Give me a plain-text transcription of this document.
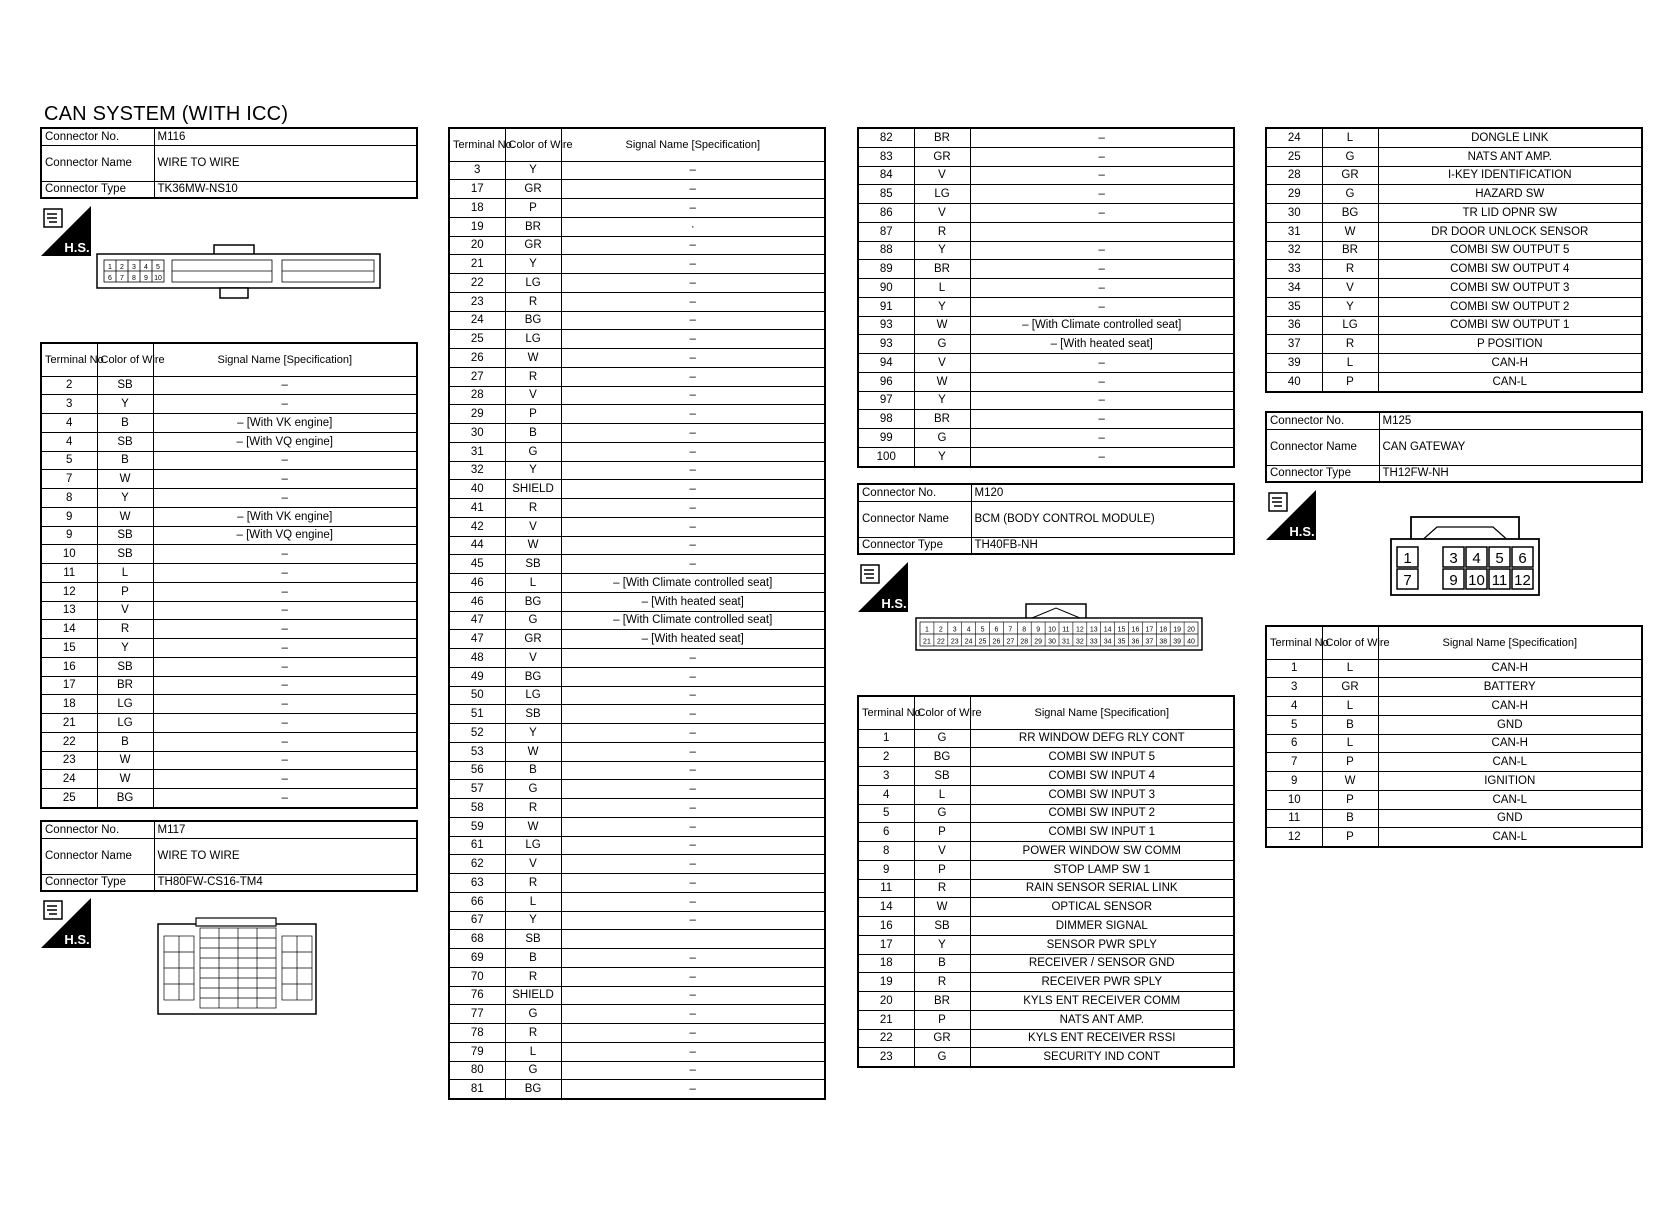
CAN SYSTEM (WITH ICC)
Connector No.	M116
Connector Name	WIRE TO WIRE
Connector Type	TK36MW-NS10
H.S.
1 2 3 4 5
6 7 8 9 10
Terminal No.	Color of Wire	Signal Name [Specification]
2	SB	–
3	Y	–
4	B	– [With VK engine]
4	SB	– [With VQ engine]
5	B	–
7	W	–
8	Y	–
9	W	– [With VK engine]
9	SB	– [With VQ engine]
10	SB	–
11	L	–
12	P	–
13	V	–
14	R	–
15	Y	–
16	SB	–
17	BR	–
18	LG	–
21	LG	–
22	B	–
23	W	–
24	W	–
25	BG	–
Connector No.	M117
Connector Name	WIRE TO WIRE
Connector Type	TH80FW-CS16-TM4
H.S.
Terminal No.	Color of Wire	Signal Name [Specification]
3	Y	–
17	GR	–
18	P	–
19	BR	·
20	GR	–
21	Y	–
22	LG	–
23	R	–
24	BG	–
25	LG	–
26	W	–
27	R	–
28	V	–
29	P	–
30	B	–
31	G	–
32	Y	–
40	SHIELD	–
41	R	–
42	V	–
44	W	–
45	SB	–
46	L	– [With Climate controlled seat]
46	BG	– [With heated seat]
47	G	– [With Climate controlled seat]
47	GR	– [With heated seat]
48	V	–
49	BG	–
50	LG	–
51	SB	–
52	Y	–
53	W	–
56	B	–
57	G	–
58	R	–
59	W	–
61	LG	–
62	V	–
63	R	–
66	L	–
67	Y	–
68	SB	
69	B	–
70	R	–
76	SHIELD	–
77	G	–
78	R	–
79	L	–
80	G	–
81	BG	–
82	BR	–
83	GR	–
84	V	–
85	LG	–
86	V	–
87	R	
88	Y	–
89	BR	–
90	L	–
91	Y	–
93	W	– [With Climate controlled seat]
93	G	– [With heated seat]
94	V	–
96	W	–
97	Y	–
98	BR	–
99	G	–
100	Y	–
Connector No.	M120
Connector Name	BCM (BODY CONTROL MODULE)
Connector Type	TH40FB-NH
H.S.
1
21
2
22
3
23
4
24
5
25
6
26
7
27
8
28
9
29
10
30
11
31
12
32
13
33
14
34
15
35
16
36
17
37
18
38
19
39
20
40
Terminal No.	Color of Wire	Signal Name [Specification]
1	G	RR WINDOW DEFG RLY CONT
2	BG	COMBI SW INPUT 5
3	SB	COMBI SW INPUT 4
4	L	COMBI SW INPUT 3
5	G	COMBI SW INPUT 2
6	P	COMBI SW INPUT 1
8	V	POWER WINDOW SW COMM
9	P	STOP LAMP SW 1
11	R	RAIN SENSOR SERIAL LINK
14	W	OPTICAL SENSOR
16	SB	DIMMER SIGNAL
17	Y	SENSOR PWR SPLY
18	B	RECEIVER / SENSOR GND
19	R	RECEIVER PWR SPLY
20	BR	KYLS ENT RECEIVER COMM
21	P	NATS ANT AMP.
22	GR	KYLS ENT RECEIVER RSSI
23	G	SECURITY IND CONT
24	L	DONGLE LINK
25	G	NATS ANT AMP.
28	GR	I-KEY IDENTIFICATION
29	G	HAZARD SW
30	BG	TR LID OPNR SW
31	W	DR DOOR UNLOCK SENSOR
32	BR	COMBI SW OUTPUT 5
33	R	COMBI SW OUTPUT 4
34	V	COMBI SW OUTPUT 3
35	Y	COMBI SW OUTPUT 2
36	LG	COMBI SW OUTPUT 1
37	R	P POSITION
39	L	CAN-H
40	P	CAN-L
Connector No.	M125
Connector Name	CAN GATEWAY
Connector Type	TH12FW-NH
H.S.
1	3 4 5 6
7	9 10 11 12
Terminal No.	Color of Wire	Signal Name [Specification]
1	L	CAN-H
3	GR	BATTERY
4	L	CAN-H
5	B	GND
6	L	CAN-H
7	P	CAN-L
9	W	IGNITION
10	P	CAN-L
11	B	GND
12	P	CAN-L
